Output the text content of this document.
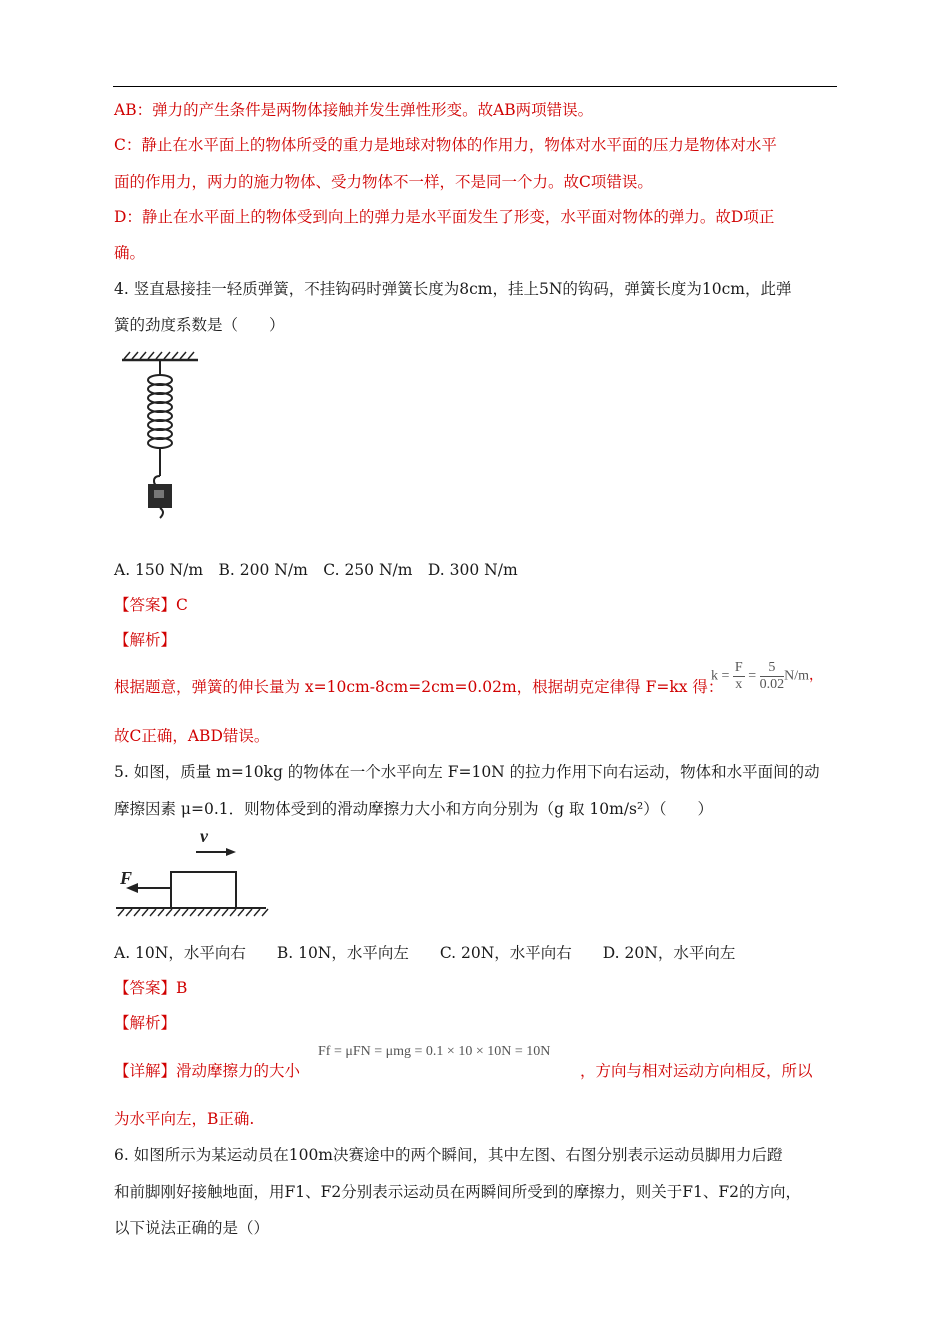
AB：弹力的产生条件是两物体接触并发生弹性形变。故AB两项错误。
C：静止在水平面上的物体所受的重力是地球对物体的作用力，物体对水平面的压力是物体对水平
面的作用力，两力的施力物体、受力物体不一样，不是同一个力。故C项错误。
D：静止在水平面上的物体受到向上的弹力是水平面发生了形变，水平面对物体的弹力。故D项正
确。
4. 竖直悬接挂一轻质弹簧，不挂钩码时弹簧长度为8cm，挂上5N的钩码，弹簧长度为10cm，此弹
簧的劲度系数是（　　）
A. 150 N/m　B. 200 N/m　C. 250 N/m　D. 300 N/m
【答案】C
【解析】
根据题意，弹簧的伸长量为 x=10cm-8cm=2cm=0.02m，根据胡克定律得 F=kx 得：
$k = \frac{F}{x} = \frac{5}{0.02} N/m$，
故C正确，ABD错误。
5. 如图，质量 m=10kg 的物体在一个水平向左 F=10N 的拉力作用下向右运动，物体和水平面间的动
摩擦因素 μ=0.1．则物体受到的滑动摩擦力大小和方向分别为（g 取 10m/s²）（　　）
v
F
A. 10N，水平向右　　B. 10N，水平向左　　C. 20N，水平向右　　D. 20N，水平向左
【答案】B
【解析】
【详解】滑动摩擦力的大小
Ff = μFN = μmg = 0.1 × 10 × 10N = 10N
，方向与相对运动方向相反，所以
为水平向左，B正确.
6. 如图所示为某运动员在100m决赛途中的两个瞬间，其中左图、右图分别表示运动员脚用力后蹬
和前脚刚好接触地面，用F1、F2分别表示运动员在两瞬间所受到的摩擦力，则关于F1、F2的方向，
以下说法正确的是（）
